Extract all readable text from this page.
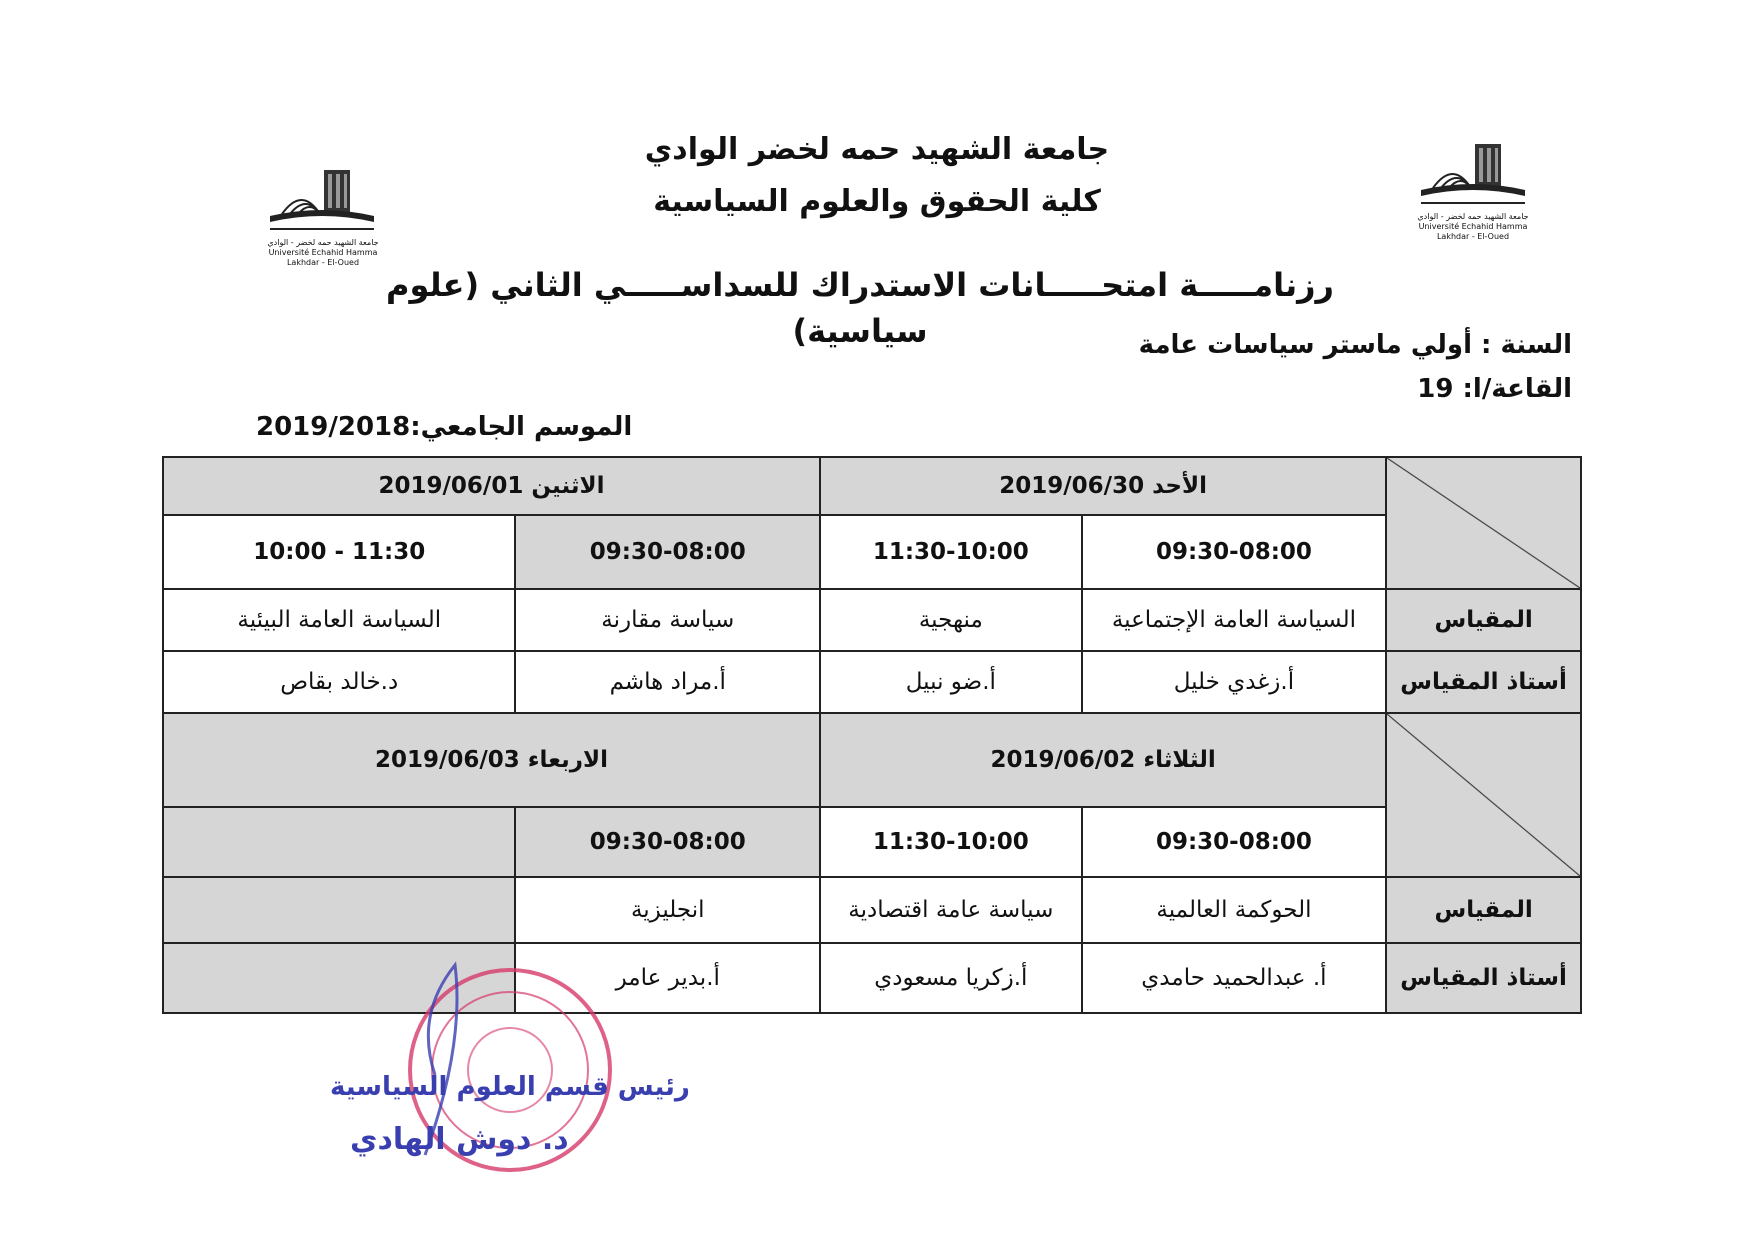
جامعة الشهيد حمه لخضر - الوادي
Université Echahid Hamma Lakhdar - El-Oued
جامعة الشهيد حمه لخضر - الوادي
Université Echahid Hamma Lakhdar - El-Oued
جامعة الشهيد حمه لخضر الوادي
كلية الحقوق والعلوم السياسية
رزنامـــــة امتحـــــانات الاستدراك للسداســـــي الثاني (علوم سياسية)	السنة : أولي ماستر سياسات عامة
القاعة/ا: 19
الموسم الجامعي:2019/2018
	الأحد 2019/06/30		الاثنين 2019/06/01	
	09:30-08:00	11:30-10:00	09:30-08:00	11:30 - 10:00
المقياس	السياسة العامة الإجتماعية	منهجية	سياسة مقارنة	السياسة العامة البيئية
أستاذ المقياس	أ.زغدي خليل	أ.ضو نبيل	أ.مراد هاشم	د.خالد بقاص
	الثلاثاء 2019/06/02		الاربعاء 2019/06/03	
	09:30-08:00	11:30-10:00	09:30-08:00	
المقياس	الحوكمة العالمية	سياسة عامة اقتصادية	انجليزية	
أستاذ المقياس	أ. عبدالحميد حامدي	أ.زكريا مسعودي	أ.بدير عامر	
رئيس قسم العلوم السياسية
د. دوش الهادي
